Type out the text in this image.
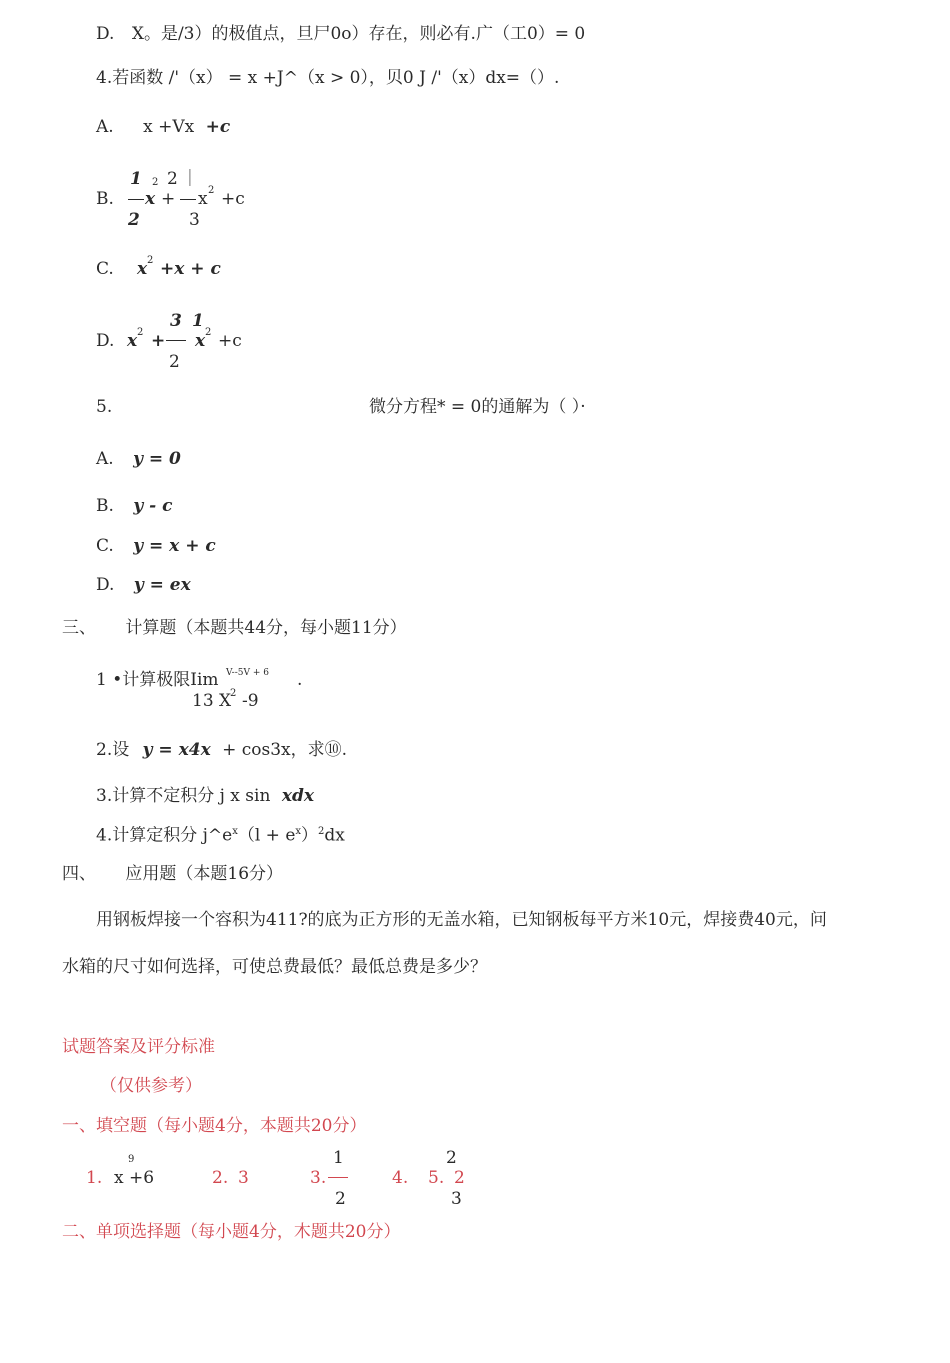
D. X。是/3）的极值点，旦尸0o）存在，则必有.广（工0）= 0
4.若函数 /'（x） = x +J^（x > 0），贝0 J /'（x）dx=（）.
A. x +Vx +c
B.
1
2
x
2 2 |
+
3
x 2 +c
C. x 2 +x + c
D. x 2 +
3
2
1
x 2 +c
5.	微分方程* = 0的通解为（ ）·
A. y = 0
B. y - c
C. y = x + c
D. y = ex
三、 计算题（本题共44分，每小题11分）
1 •计算极限Iim V--5V + 6 .
13 X
2 -9
2.设 y = x4x + cos3x，求⑩.
3.计算不定积分 j x sin xdx
4.计算定积分 $j\^{}e^x(l + e^x)^2dx$
四、 应用题（本题16分）
用钢板焊接一个容积为411?的底为正方形的无盖水箱，已知钢板每平方米10元，焊接费40元，问
水箱的尺寸如何选择，可使总费最低？最低总费是多少？
试题答案及评分标准
（仅供参考）
一、填空题（每小题4分，本题共20分）
1.
9
x +6	2. 3	3.
1
2
4. 5.
2
2
3
二、单项选择题（每小题4分，木题共20分）
